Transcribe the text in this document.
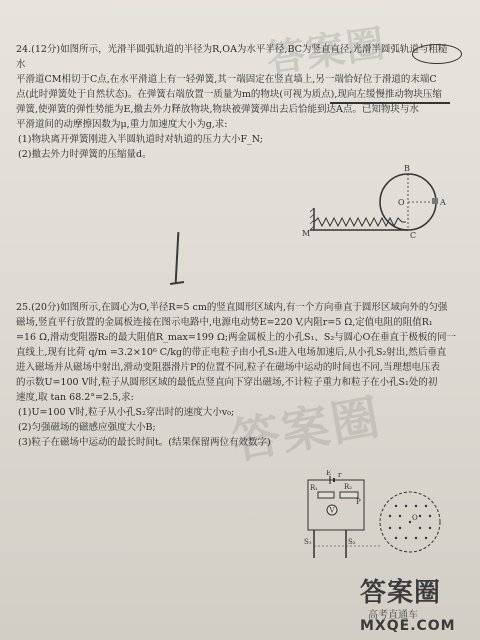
答案圈
答案圈

24.(12分)如图所示，光滑半圆弧轨道的半径为R,OA为水平半径,BC为竖直直径,光滑半圆弧轨道与粗糙水

平滑道CM相切于C点,在水平滑道上有一轻弹簧,其一端固定在竖直墙上,另一端恰好位于滑道的末端C

点(此时弹簧处于自然状态)。在弹簧右端放置一质量为m的物块(可视为质点),现向左缓慢推动物块压缩

弹簧,使弹簧的弹性势能为E,撤去外力释放物块,物块被弹簧弹出去后恰能到达A点。已知物块与水

平滑道间的动摩擦因数为μ,重力加速度大小为g,求:

(1)物块离开弹簧刚进入半圆轨道时对轨道的压力大小F_N;

(2)撤去外力时弹簧的压缩量d。

B
O	A
C
M

25.(20分)如图所示,在圆心为O,半径R=5 cm的竖直圆形区域内,有一个方向垂直于圆形区域向外的匀强

磁场,竖直平行放置的金属板连接在图示电路中,电源电动势E=220 V,内阻r=5 Ω,定值电阻的阻值R₁

=16 Ω,滑动变阻器R₂的最大阻值R_max=199 Ω;两金属板上的小孔S₁、S₂与圆心O在垂直于极板的同一

直线上,现有比荷 q/m =3.2×10⁶ C/kg的带正电粒子由小孔S₁进入电场加速后,从小孔S₂射出,然后垂直

进入磁场并从磁场中射出,滑动变阻器滑片P的位置不同,粒子在磁场中运动的时间也不同,当理想电压表

的示数U=100 V时,粒子从圆形区域的最低点竖直向下穿出磁场,不计粒子重力和粒子在小孔S₁处的初

速度,取 tan 68.2°=2.5,求:

(1)U=100 V时,粒子从小孔S₂穿出时的速度大小v₀;

(2)匀强磁场的磁感应强度大小B;

(3)粒子在磁场中运动的最长时间t。(结果保留两位有效数字)

E r
R₁	R₂
P
V
S₁	S₂
O
答案圈
高考直通车
MXQE.COM
